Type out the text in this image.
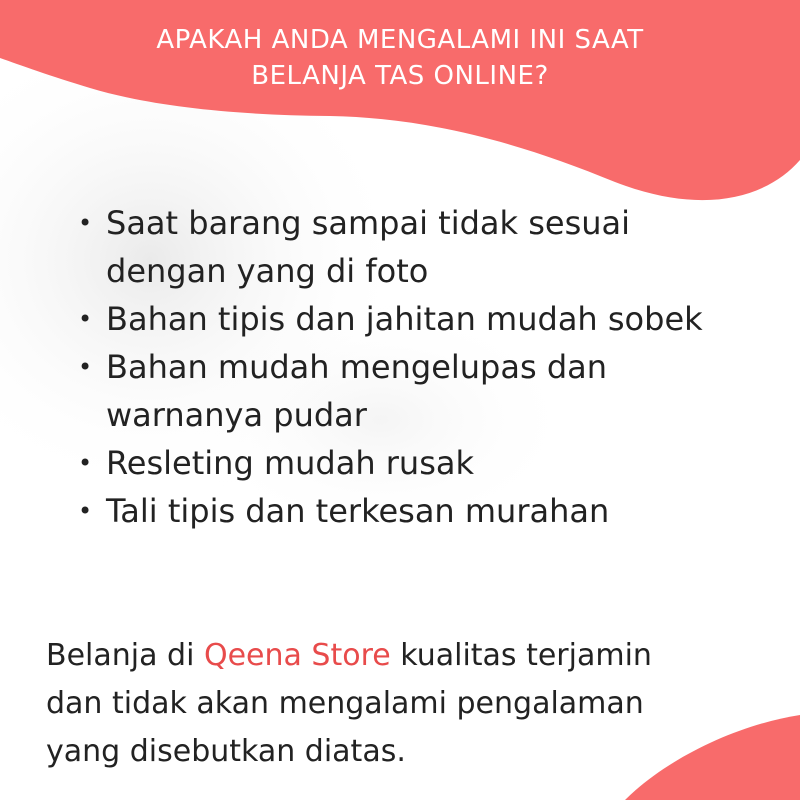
APAKAH ANDA MENGALAMI INI SAAT
BELANJA TAS ONLINE?
• Saat barang sampai tidak sesuai
dengan yang di foto
• Bahan tipis dan jahitan mudah sobek
• Bahan mudah mengelupas dan
warnanya pudar
• Resleting mudah rusak
• Tali tipis dan terkesan murahan
Belanja di Qeena Store kualitas terjamin
dan tidak akan mengalami pengalaman
yang disebutkan diatas.
